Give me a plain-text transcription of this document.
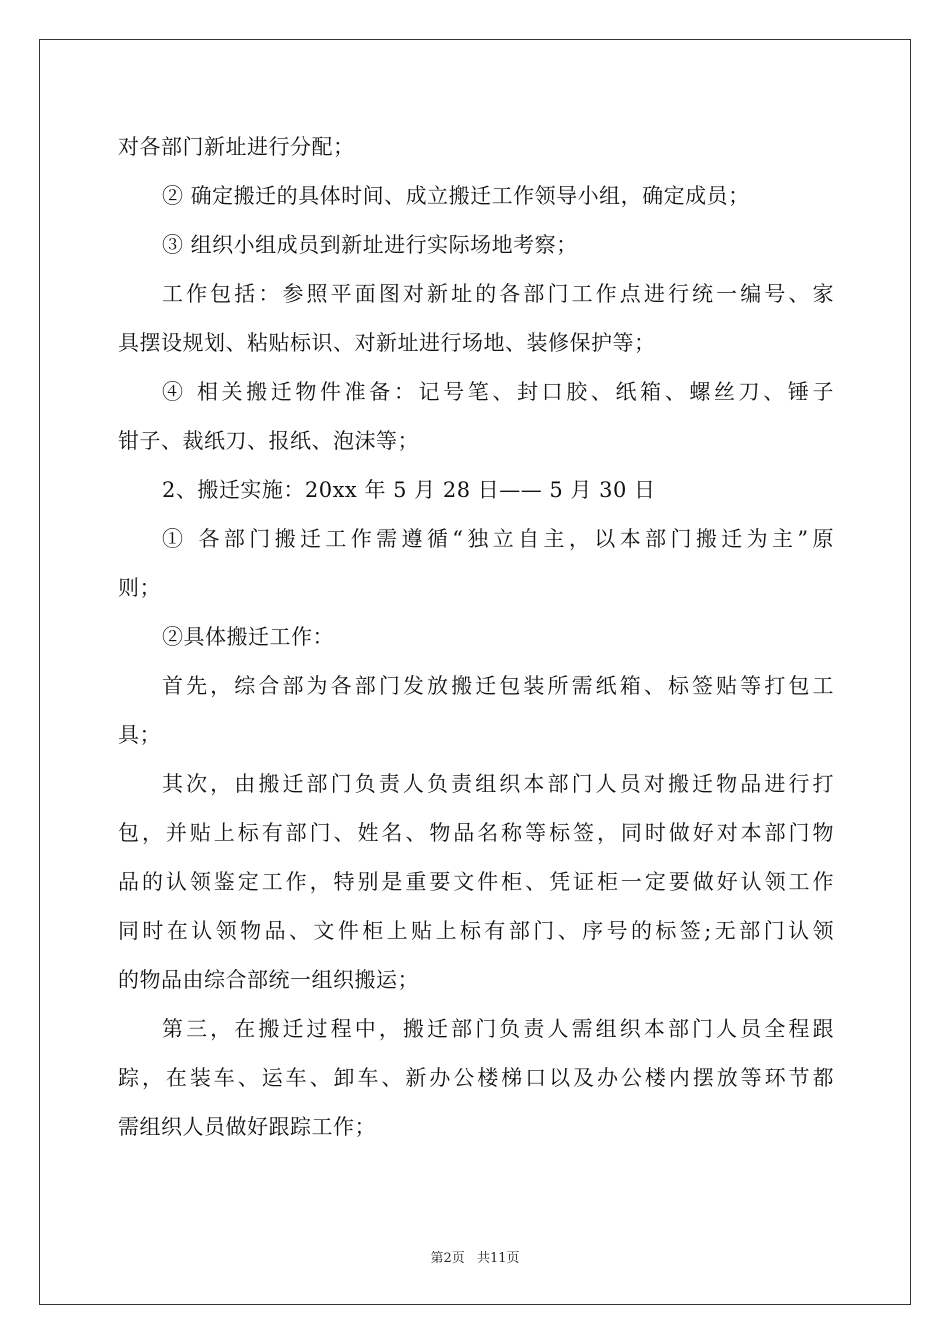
对各部门新址进行分配；
② 确定搬迁的具体时间、成立搬迁工作领导小组，确定成员；
③ 组织小组成员到新址进行实际场地考察；
工作包括：参照平面图对新址的各部门工作点进行统一编号、家
具摆设规划、粘贴标识、对新址进行场地、装修保护等；
④ 相关搬迁物件准备：记号笔、封口胶、纸箱、螺丝刀、锤子
钳子、裁纸刀、报纸、泡沫等；
2、搬迁实施：20xx 年 5 月 28 日—— 5 月 30 日
① 各部门搬迁工作需遵循“独立自主，以本部门搬迁为主”原
则；
②具体搬迁工作：
首先，综合部为各部门发放搬迁包装所需纸箱、标签贴等打包工
具；
其次，由搬迁部门负责人负责组织本部门人员对搬迁物品进行打
包，并贴上标有部门、姓名、物品名称等标签，同时做好对本部门物
品的认领鉴定工作，特别是重要文件柜、凭证柜一定要做好认领工作
同时在认领物品、文件柜上贴上标有部门、序号的标签;无部门认领
的物品由综合部统一组织搬运；
第三，在搬迁过程中，搬迁部门负责人需组织本部门人员全程跟
踪，在装车、运车、卸车、新办公楼梯口以及办公楼内摆放等环节都
需组织人员做好跟踪工作；
第2页 共11页
